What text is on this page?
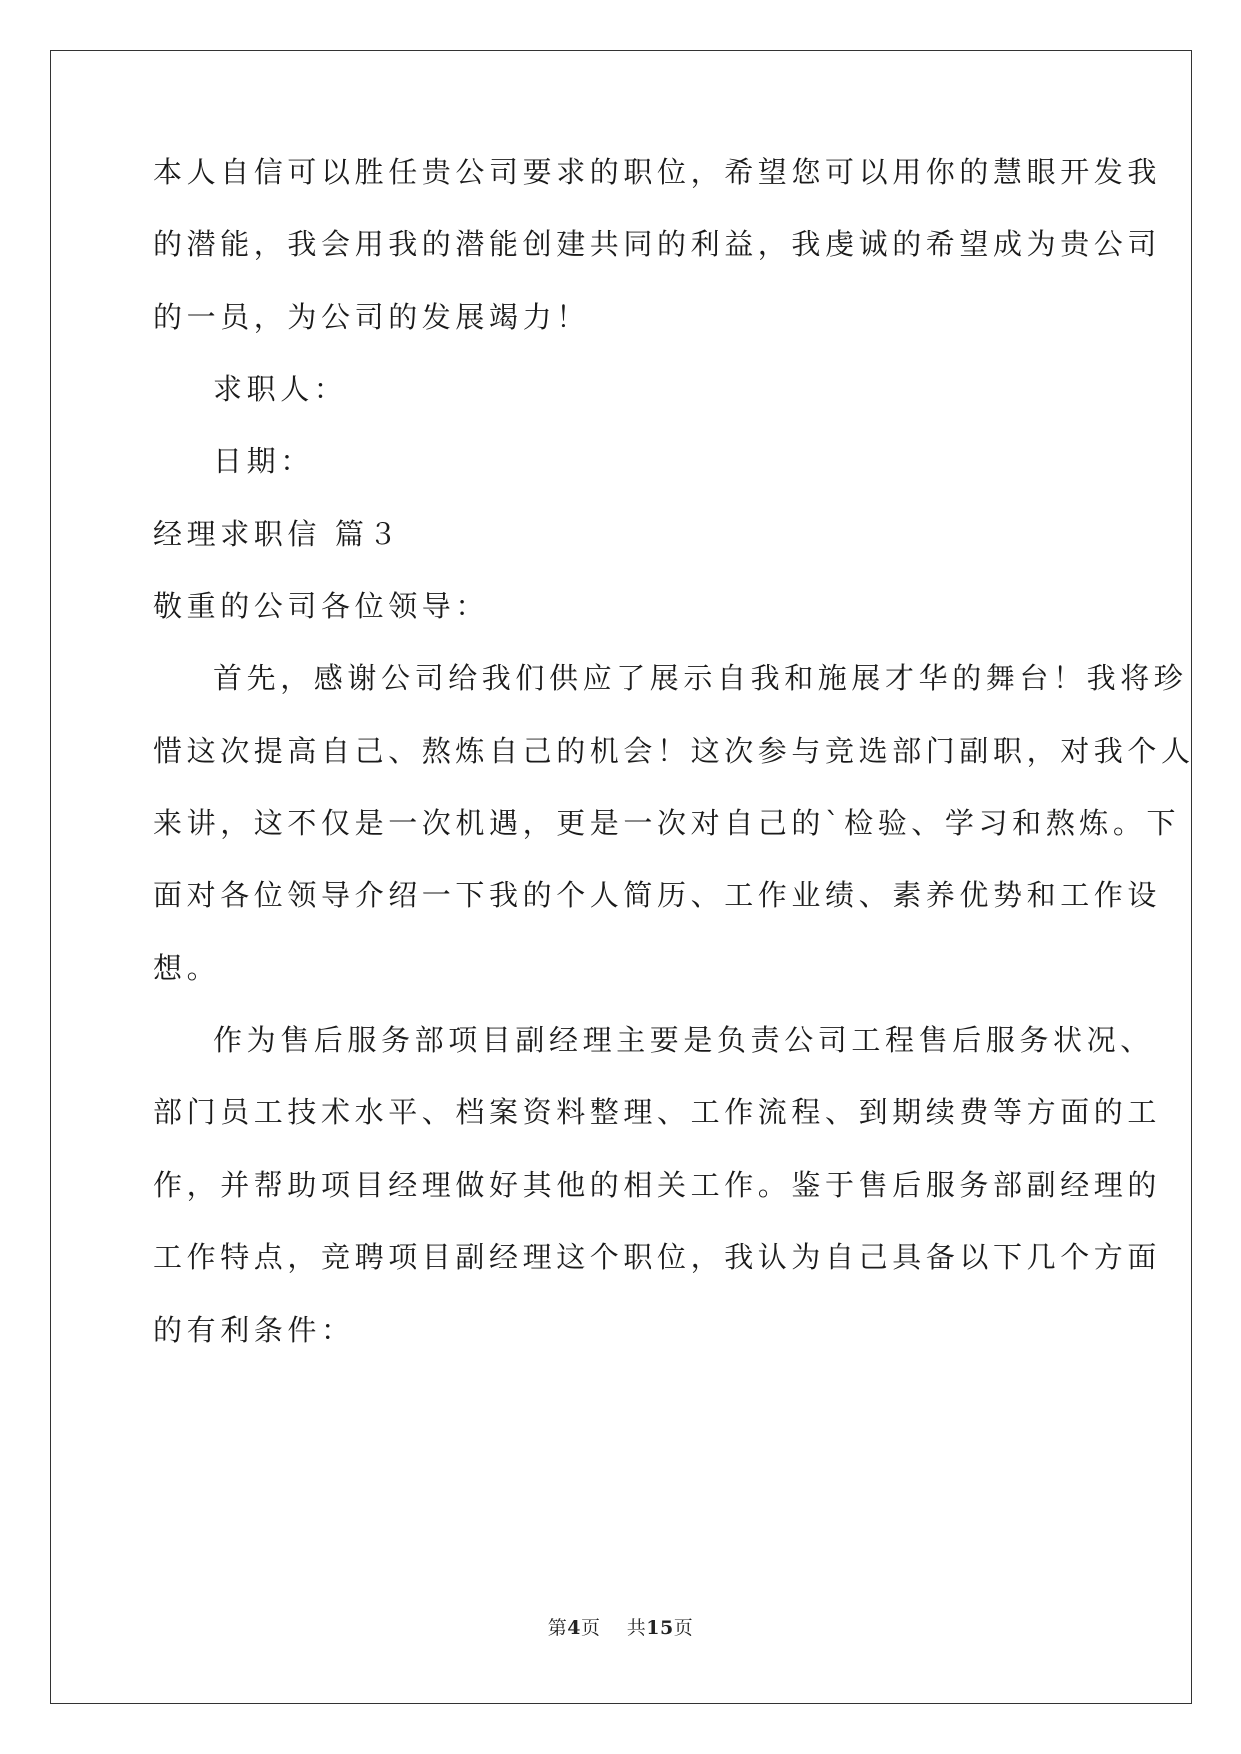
本人自信可以胜任贵公司要求的职位，希望您可以用你的慧眼开发我
的潜能，我会用我的潜能创建共同的利益，我虔诚的希望成为贵公司
的一员，为公司的发展竭力！
求职人：
日期：
经理求职信 篇３
敬重的公司各位领导：
首先，感谢公司给我们供应了展示自我和施展才华的舞台！我将珍
惜这次提高自己、熬炼自己的机会！这次参与竞选部门副职，对我个人
来讲，这不仅是一次机遇，更是一次对自己的`检验、学习和熬炼。下
面对各位领导介绍一下我的个人简历、工作业绩、素养优势和工作设
想。
作为售后服务部项目副经理主要是负责公司工程售后服务状况、
部门员工技术水平、档案资料整理、工作流程、到期续费等方面的工
作，并帮助项目经理做好其他的相关工作。鉴于售后服务部副经理的
工作特点，竞聘项目副经理这个职位，我认为自己具备以下几个方面
的有利条件：
第4页 共15页
